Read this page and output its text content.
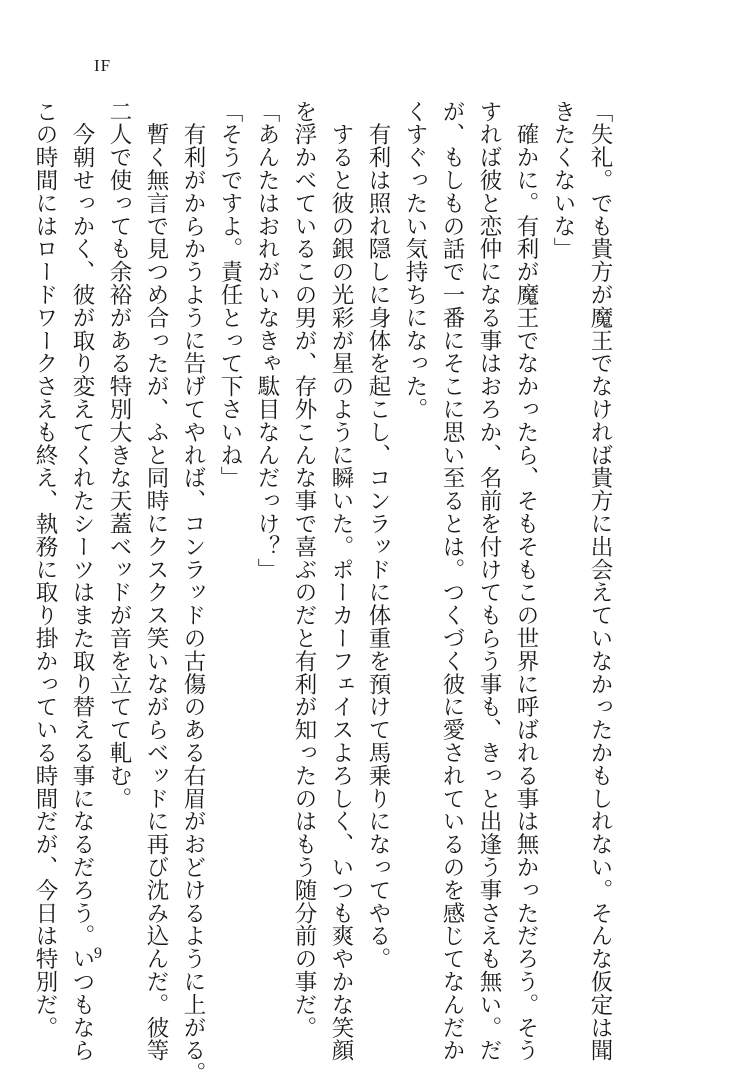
IF
「失礼。でも貴方が魔王でなければ貴方に出会えていなかったかもしれない。そんな仮定は聞
きたくないな」
　確かに。有利が魔王でなかったら、そもそもこの世界に呼ばれる事は無かっただろう。そう
すれば彼と恋仲になる事はおろか、名前を付けてもらう事も、きっと出逢う事さえも無い。だ
が、もしもの話で一番にそこに思い至るとは。つくづく彼に愛されているのを感じてなんだか
くすぐったい気持ちになった。
　有利は照れ隠しに身体を起こし、コンラッドに体重を預けて馬乗りになってやる。
　すると彼の銀の光彩が星のように瞬いた。ポーカーフェイスよろしく、いつも爽やかな笑顔
を浮かべているこの男が、存外こんな事で喜ぶのだと有利が知ったのはもう随分前の事だ。
「あんたはおれがいなきゃ駄目なんだっけ？」
「そうですよ。責任とって下さいね」
　有利がからかうように告げてやれば、コンラッドの古傷のある右眉がおどけるように上がる。
　暫く無言で見つめ合ったが、ふと同時にクスクス笑いながらベッドに再び沈み込んだ。彼等
二人で使っても余裕がある特別大きな天蓋ベッドが音を立てて軋む。
　今朝せっかく、彼が取り変えてくれたシーツはまた取り替える事になるだろう。いつもなら
この時間にはロードワークさえも終え、執務に取り掛かっている時間だが、今日は特別だ。	9
